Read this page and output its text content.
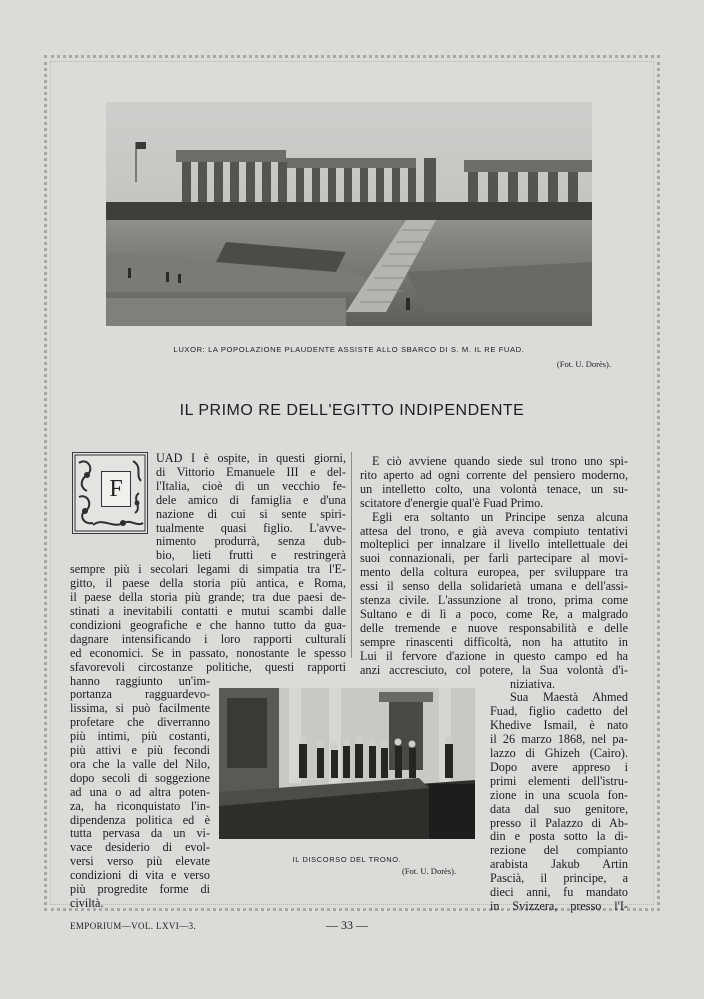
LUXOR: LA POPOLAZIONE PLAUDENTE ASSISTE ALLO SBARCO DI S. M. IL RE FUAD.
(Fot. U. Dorès).
IL PRIMO RE DELL'EGITTO INDIPENDENTE
F
UAD I è ospite, in questi giorni,
di Vittorio Emanuele III e del-
l'Italia, cioè di un vecchio fe-
dele amico di famiglia e d'una
nazione di cui si sente spiri-
tualmente quasi figlio. L'avve-
nimento produrrà, senza dub-
bio, lieti frutti e restringerà
sempre più i secolari legami di simpatia tra l'E-
gitto, il paese della storia più antica, e Roma,
il paese della storia più grande; tra due paesi de-
stinati a inevitabili contatti e mutui scambi dalle
condizioni geografiche e che hanno tutto da gua-
dagnare intensificando i loro rapporti culturali
ed economici. Se in passato, nonostante le spesso
sfavorevoli circostanze politiche, questi rapporti
hanno raggiunto un'im-
portanza ragguardevo-
lissima, si può facilmente
profetare che diverranno
più intimi, più costanti,
più attivi e più fecondi
ora che la valle del Nilo,
dopo secoli di soggezione
ad una o ad altra poten-
za, ha riconquistato l'in-
dipendenza politica ed è
tutta pervasa da un vi-
vace desiderio di evol-
versi verso più elevate
condizioni di vita e verso
più progredite forme di
civiltà.
E ciò avviene quando siede sul trono uno spi-
rito aperto ad ogni corrente del pensiero moderno,
un intelletto colto, una volontà tenace, un su-
scitatore d'energie qual'è Fuad Primo.
Egli era soltanto un Principe senza alcuna
attesa del trono, e già aveva compiuto tentativi
molteplici per innalzare il livello intellettuale dei
suoi connazionali, per farli partecipare al movi-
mento della coltura europea, per sviluppare tra
essi il senso della solidarietà umana e dell'assi-
stenza civile. L'assunzione al trono, prima come
Sultano e di lì a poco, come Re, a malgrado
delle tremende e nuove responsabilità e delle
sempre rinascenti difficoltà, non ha attutito in
Lui il fervore d'azione in questo campo ed ha
anzi accresciuto, col potere, la Sua volontà d'i-
niziativa.
Sua Maestà Ahmed
Fuad, figlio cadetto del
Khedive Ismail, è nato
il 26 marzo 1868, nel pa-
lazzo di Ghizeh (Cairo).
Dopo avere appreso i
primi elementi dell'istru-
zione in una scuola fon-
data dal suo genitore,
presso il Palazzo di Ab-
din e posta sotto la di-
rezione del compianto
arabista Jakub Artin
Pascià, il principe, a
dieci anni, fu mandato
in Svizzera, presso l'I-
IL DISCORSO DEL TRONO.
(Fot. U. Dorès).
EMPORIUM—VOL. LXVI—3.	— 33 —
